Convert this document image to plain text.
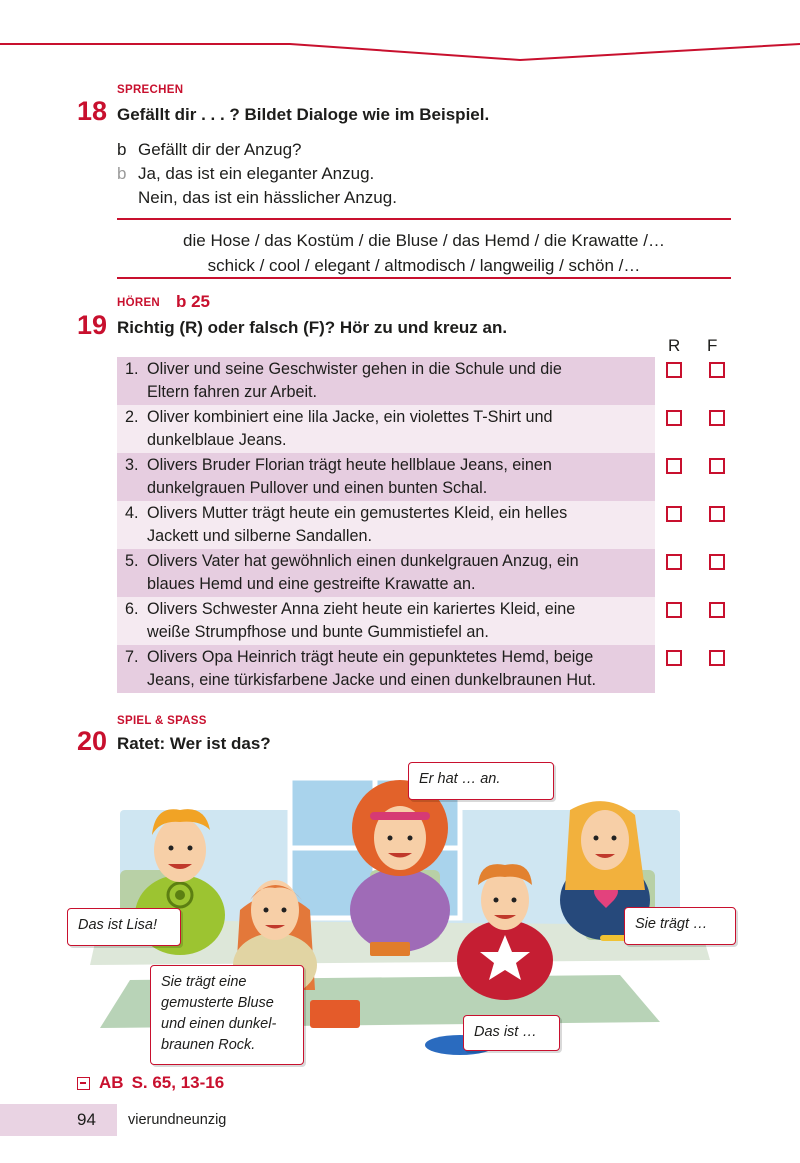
SPRECHEN
18 Gefällt dir . . . ? Bildet Dialoge wie im Beispiel.
b Gefällt dir der Anzug?
b Ja, das ist ein eleganter Anzug.
Nein, das ist ein hässlicher Anzug.
die Hose / das Kostüm / die Bluse / das Hemd / die Krawatte /…
schick / cool / elegant / altmodisch / langweilig / schön /…
HÖREN b 25
19 Richtig (R) oder falsch (F)? Hör zu und kreuz an.
R F
1. Oliver und seine Geschwister gehen in die Schule und die
Eltern fahren zur Arbeit.
2. Oliver kombiniert eine lila Jacke, ein violettes T-Shirt und
dunkelblaue Jeans.
3. Olivers Bruder Florian trägt heute hellblaue Jeans, einen
dunkelgrauen Pullover und einen bunten Schal.
4. Olivers Mutter trägt heute ein gemustertes Kleid, ein helles
Jackett und silberne Sandallen.
5. Olivers Vater hat gewöhnlich einen dunkelgrauen Anzug, ein
blaues Hemd und eine gestreifte Krawatte an.
6. Olivers Schwester Anna zieht heute ein kariertes Kleid, eine
weiße Strumpfhose und bunte Gummistiefel an.
7. Olivers Opa Heinrich trägt heute ein gepunktetes Hemd, beige
Jeans, eine türkisfarbene Jacke und einen dunkelbraunen Hut.
SPIEL & SPASS
20 Ratet: Wer ist das?
Er hat … an.
Das ist Lisa!	Sie trägt …
Sie trägt eine
gemusterte Bluse
und einen dunkel-
braunen Rock.
Das ist …
AB S. 65, 13-16
94 vierundneunzig
